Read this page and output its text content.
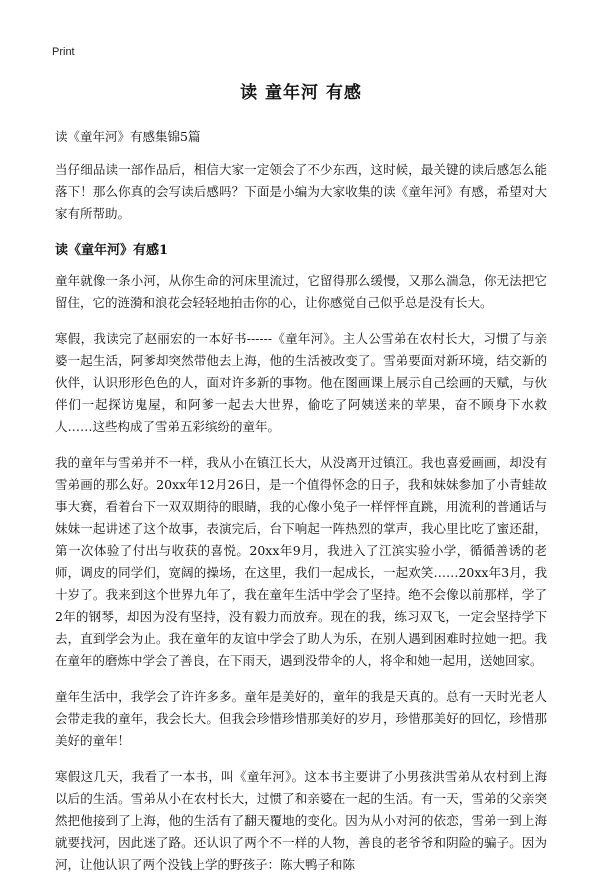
Print
读 童年河 有感
读《童年河》有感集锦5篇

当仔细品读一部作品后，相信大家一定领会了不少东西，这时候，最关键的读后感怎么能落下！那么你真的会写读后感吗？下面是小编为大家收集的读《童年河》有感，希望对大家有所帮助。

读《童年河》有感1

童年就像一条小河，从你生命的河床里流过，它留得那么缓慢，又那么湍急，你无法把它留住，它的涟漪和浪花会轻轻地拍击你的心，让你感觉自己似乎总是没有长大。

寒假，我读完了赵丽宏的一本好书------《童年河》。主人公雪弟在农村长大，习惯了与亲婆一起生活，阿爹却突然带他去上海，他的生活被改变了。雪弟要面对新环境，结交新的伙伴，认识形形色色的人，面对许多新的事物。他在图画课上展示自己绘画的天赋，与伙伴们一起探访鬼屋，和阿爹一起去大世界，偷吃了阿姨送来的苹果，奋不顾身下水救人……这些构成了雪弟五彩缤纷的童年。

我的童年与雪弟并不一样，我从小在镇江长大，从没离开过镇江。我也喜爱画画，却没有雪弟画的那么好。20xx年12月26日，是一个值得怀念的日子，我和妹妹参加了小青蛙故事大赛，看着台下一双双期待的眼睛，我的心像小兔子一样怦怦直跳，用流利的普通话与妹妹一起讲述了这个故事，表演完后，台下响起一阵热烈的掌声，我心里比吃了蜜还甜，第一次体验了付出与收获的喜悦。20xx年9月，我进入了江滨实验小学，循循善诱的老师，调皮的同学们，宽阔的操场，在这里，我们一起成长，一起欢笑……20xx年3月，我十岁了。我来到这个世界九年了，我在童年生活中学会了坚持。绝不会像以前那样，学了2年的钢琴，却因为没有坚持，没有毅力而放弃。现在的我，练习双飞，一定会坚持学下去，直到学会为止。我在童年的友谊中学会了助人为乐，在别人遇到困难时拉她一把。我在童年的磨炼中学会了善良，在下雨天，遇到没带伞的人，将伞和她一起用，送她回家。

童年生活中，我学会了许许多多。童年是美好的，童年的我是天真的。总有一天时光老人会带走我的童年，我会长大。但我会珍惜珍惜那美好的岁月，珍惜那美好的回忆，珍惜那美好的童年！

寒假这几天，我看了一本书，叫《童年河》。这本书主要讲了小男孩洪雪弟从农村到上海以后的生活。雪弟从小在农村长大，过惯了和亲婆在一起的生活。有一天，雪弟的父亲突然把他接到了上海，他的生活有了翻天覆地的变化。因为从小对河的依恋，雪弟一到上海就要找河，因此迷了路。还认识了两个不一样的人物，善良的老爷爷和阴险的骗子。因为河，让他认识了两个没钱上学的野孩子：陈大鸭子和陈
